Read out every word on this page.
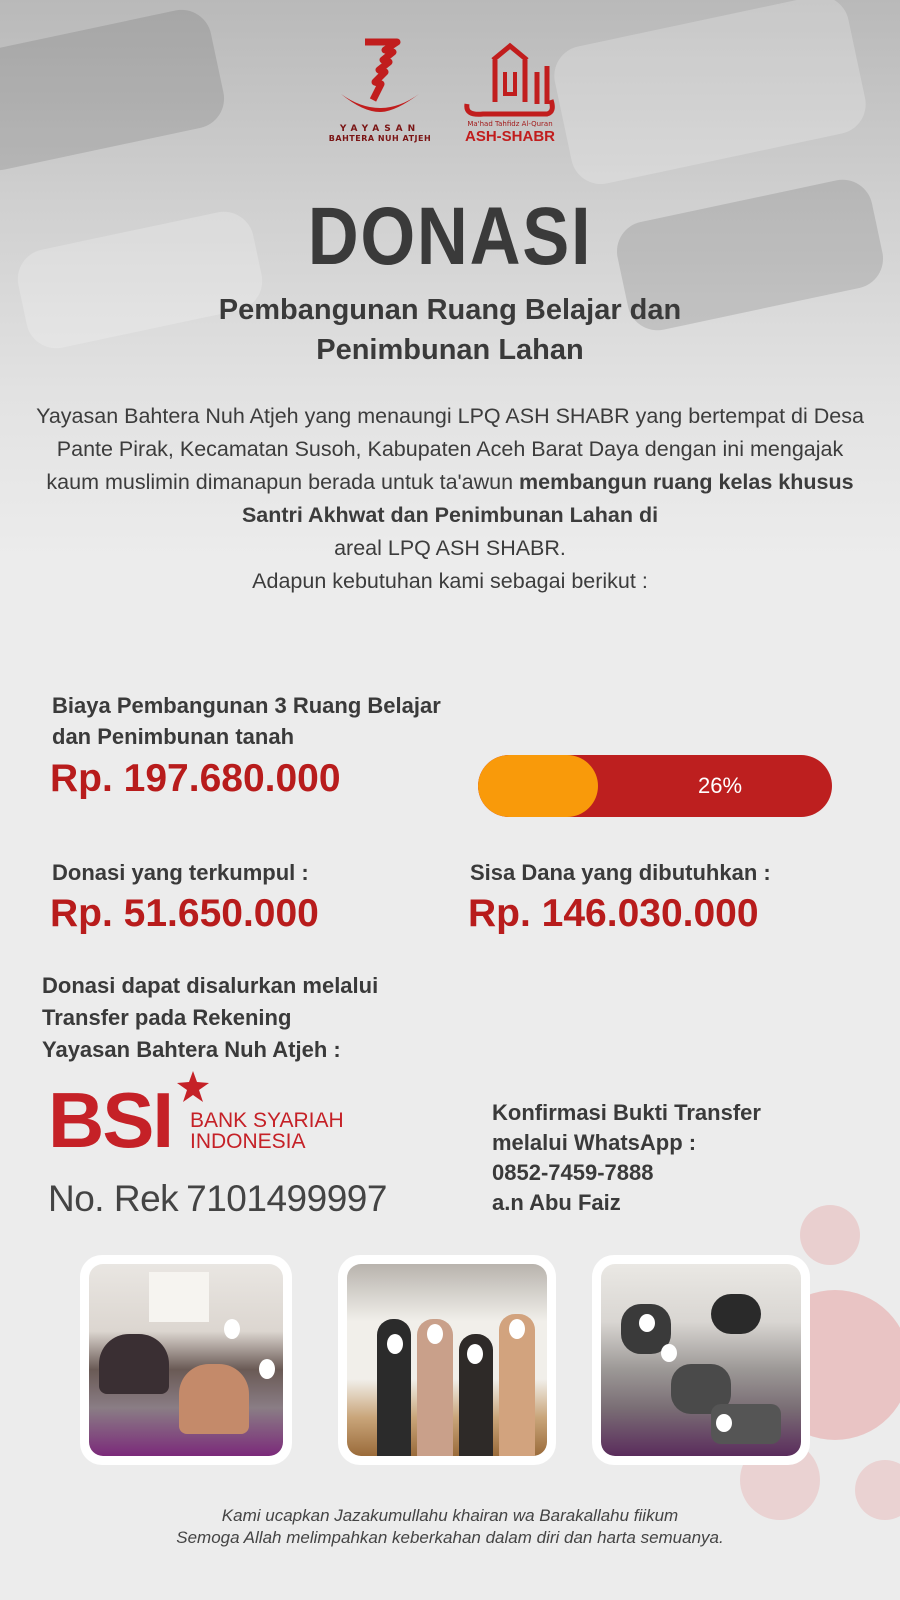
YAYASAN
BAHTERA NUH ATJEH
Ma'had Tahfidz Al-Quran
ASH-SHABR
DONASI
Pembangunan Ruang Belajar dan
Penimbunan Lahan
Yayasan Bahtera Nuh Atjeh yang menaungi LPQ ASH SHABR yang bertempat di Desa Pante Pirak, Kecamatan Susoh, Kabupaten Aceh Barat Daya dengan ini mengajak kaum muslimin dimanapun berada untuk ta'awun membangun ruang kelas khusus Santri Akhwat dan Penimbunan Lahan di
areal LPQ ASH SHABR.
Adapun kebutuhan kami sebagai berikut :
Biaya Pembangunan 3 Ruang Belajar
dan Penimbunan tanah
Rp. 197.680.000	26%
Donasi yang terkumpul :
Rp. 51.650.000
Sisa Dana yang dibutuhkan :
Rp. 146.030.000
Donasi dapat disalurkan melalui
Transfer pada Rekening
Yayasan Bahtera Nuh Atjeh :
BSI BANK SYARIAH
INDONESIA
No. Rek 7101499997
Konfirmasi Bukti Transfer
melalui WhatsApp :
0852-7459-7888
a.n Abu Faiz
Kami ucapkan Jazakumullahu khairan wa Barakallahu fiikum
Semoga Allah melimpahkan keberkahan dalam diri dan harta semuanya.
